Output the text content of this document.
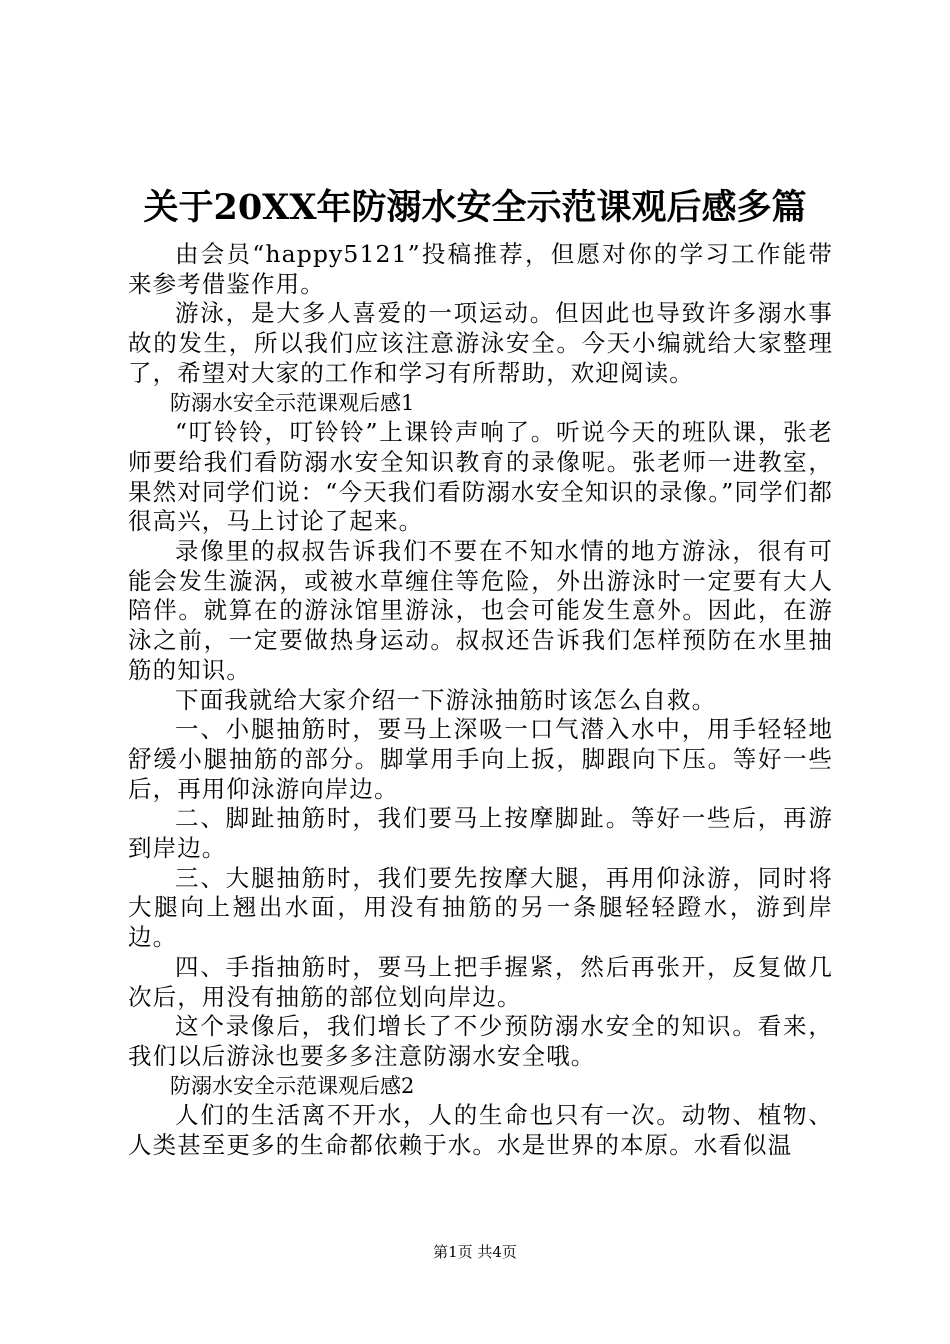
关于20XX年防溺水安全示范课观后感多篇

由会员“happy5121”投稿推荐，但愿对你的学习工作能带来参考借鉴作用。

游泳，是大多人喜爱的一项运动。但因此也导致许多溺水事故的发生，所以我们应该注意游泳安全。今天小编就给大家整理了，希望对大家的工作和学习有所帮助，欢迎阅读。

防溺水安全示范课观后感1

“叮铃铃，叮铃铃”上课铃声响了。听说今天的班队课，张老师要给我们看防溺水安全知识教育的录像呢。张老师一进教室，果然对同学们说：“今天我们看防溺水安全知识的录像。”同学们都很高兴，马上讨论了起来。

录像里的叔叔告诉我们不要在不知水情的地方游泳，很有可能会发生漩涡，或被水草缠住等危险，外出游泳时一定要有大人陪伴。就算在的游泳馆里游泳，也会可能发生意外。因此，在游泳之前，一定要做热身运动。叔叔还告诉我们怎样预防在水里抽筋的知识。

下面我就给大家介绍一下游泳抽筋时该怎么自救。

一、小腿抽筋时，要马上深吸一口气潜入水中，用手轻轻地舒缓小腿抽筋的部分。脚掌用手向上扳，脚跟向下压。等好一些后，再用仰泳游向岸边。

二、脚趾抽筋时，我们要马上按摩脚趾。等好一些后，再游到岸边。

三、大腿抽筋时，我们要先按摩大腿，再用仰泳游，同时将大腿向上翘出水面，用没有抽筋的另一条腿轻轻蹬水，游到岸边。

四、手指抽筋时，要马上把手握紧，然后再张开，反复做几次后，用没有抽筋的部位划向岸边。

这个录像后，我们增长了不少预防溺水安全的知识。看来，我们以后游泳也要多多注意防溺水安全哦。

防溺水安全示范课观后感2

人们的生活离不开水，人的生命也只有一次。动物、植物、人类甚至更多的生命都依赖于水。水是世界的本原。水看似温

第1页 共4页
